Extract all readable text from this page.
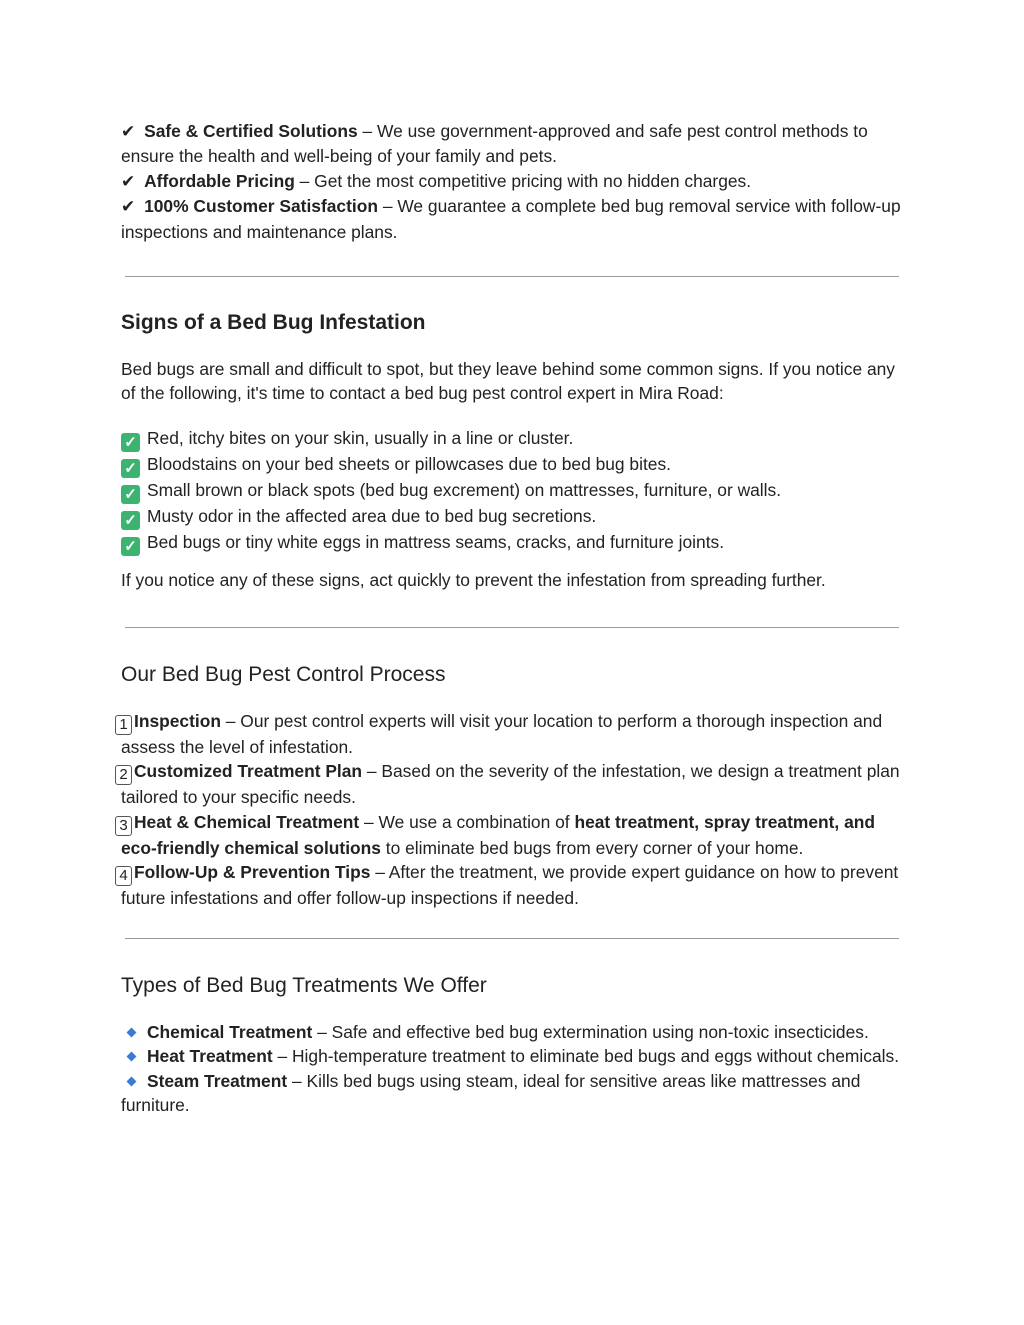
✔ Safe & Certified Solutions – We use government-approved and safe pest control methods to ensure the health and well-being of your family and pets.

✔ Affordable Pricing – Get the most competitive pricing with no hidden charges.

✔ 100% Customer Satisfaction – We guarantee a complete bed bug removal service with follow-up inspections and maintenance plans.

Signs of a Bed Bug Infestation

Bed bugs are small and difficult to spot, but they leave behind some common signs. If you notice any of the following, it's time to contact a bed bug pest control expert in Mira Road:

✓ Red, itchy bites on your skin, usually in a line or cluster.

✓ Bloodstains on your bed sheets or pillowcases due to bed bug bites.

✓ Small brown or black spots (bed bug excrement) on mattresses, furniture, or walls.

✓ Musty odor in the affected area due to bed bug secretions.

✓ Bed bugs or tiny white eggs in mattress seams, cracks, and furniture joints.

If you notice any of these signs, act quickly to prevent the infestation from spreading further.

Our Bed Bug Pest Control Process

1 Inspection – Our pest control experts will visit your location to perform a thorough inspection and assess the level of infestation.

2 Customized Treatment Plan – Based on the severity of the infestation, we design a treatment plan tailored to your specific needs.

3 Heat & Chemical Treatment – We use a combination of heat treatment, spray treatment, and eco-friendly chemical solutions to eliminate bed bugs from every corner of your home.

4 Follow-Up & Prevention Tips – After the treatment, we provide expert guidance on how to prevent future infestations and offer follow-up inspections if needed.

Types of Bed Bug Treatments We Offer

Chemical Treatment – Safe and effective bed bug extermination using non-toxic insecticides.

Heat Treatment – High-temperature treatment to eliminate bed bugs and eggs without chemicals.

Steam Treatment – Kills bed bugs using steam, ideal for sensitive areas like mattresses and furniture.
